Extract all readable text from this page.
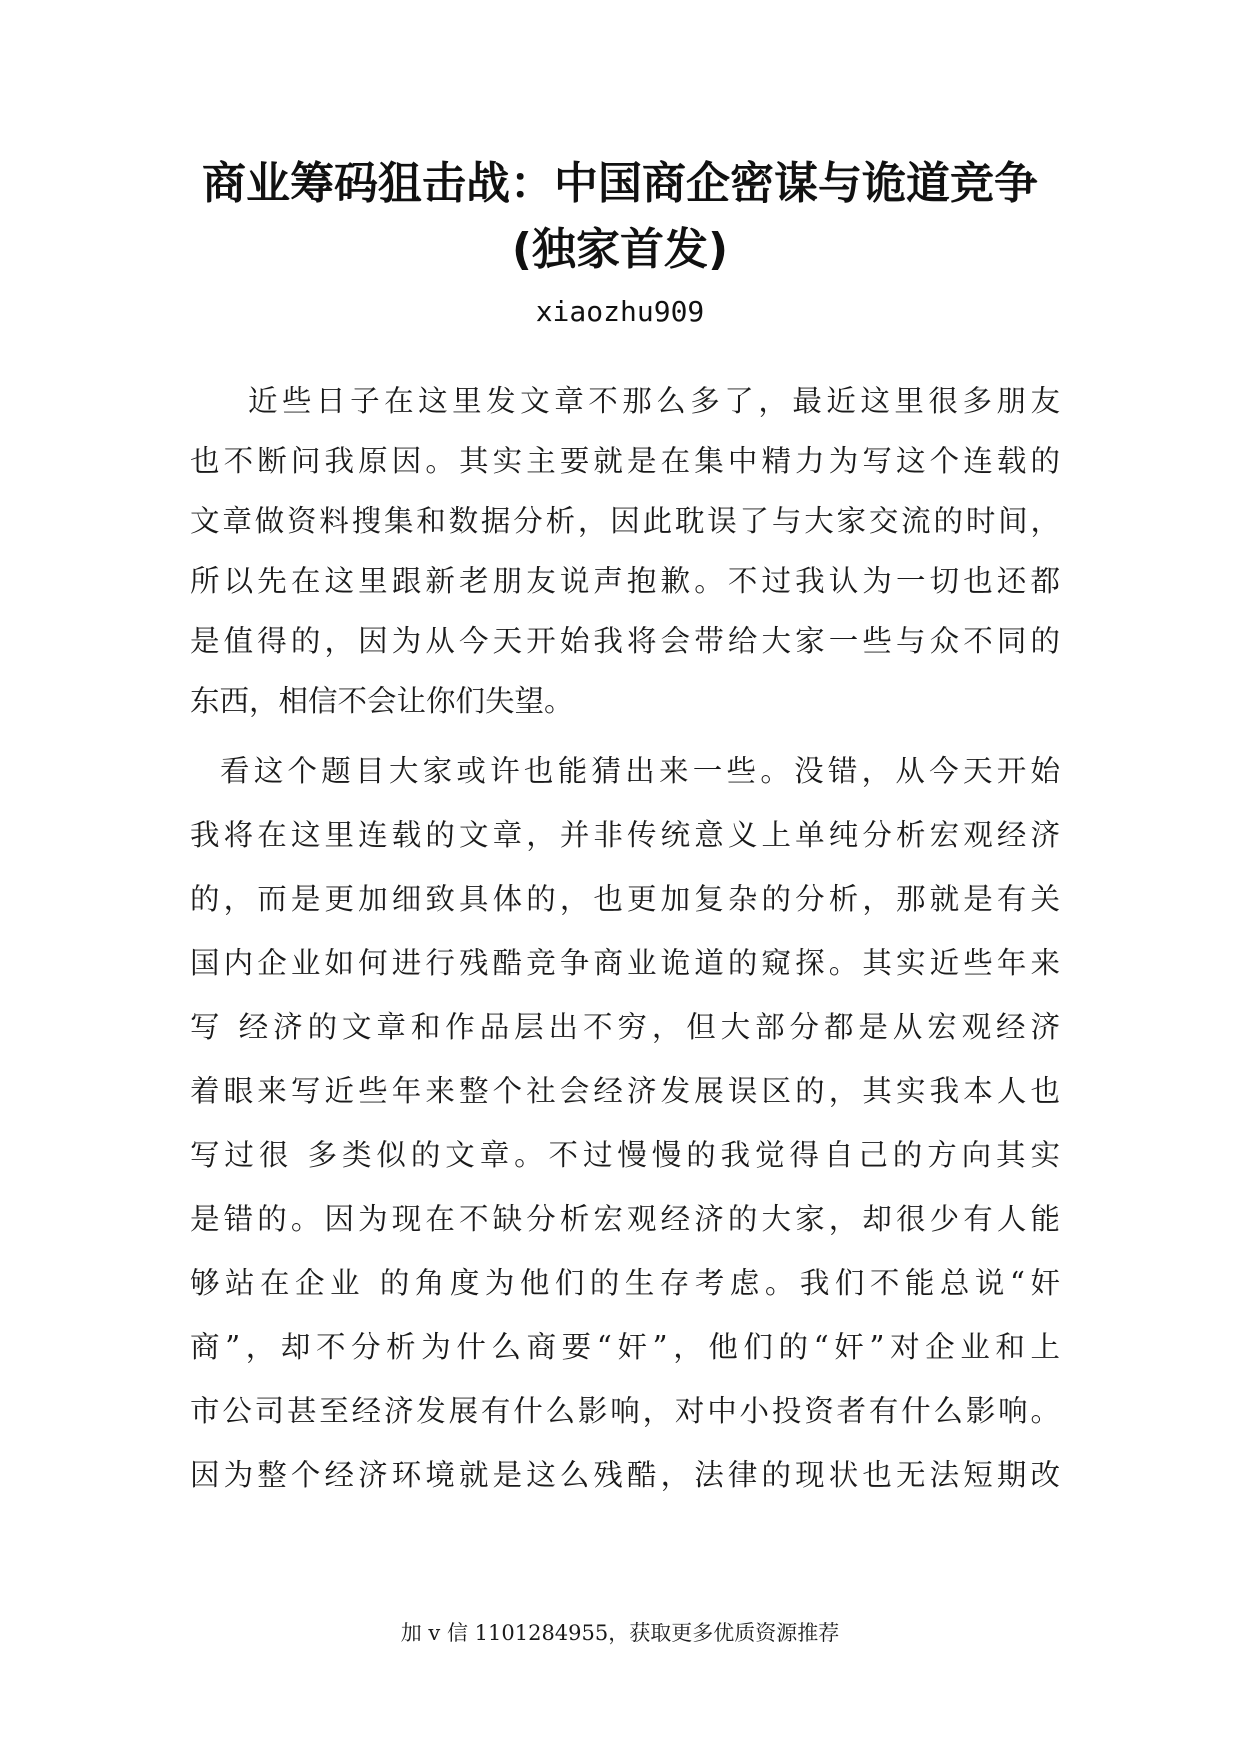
商业筹码狙击战：中国商企密谋与诡道竞争
(独家首发)
xiaozhu909
近些日子在这里发文章不那么多了，最近这里很多朋友
也不断问我原因。其实主要就是在集中精力为写这个连载的
文章做资料搜集和数据分析，因此耽误了与大家交流的时间，
所以先在这里跟新老朋友说声抱歉。不过我认为一切也还都
是值得的，因为从今天开始我将会带给大家一些与众不同的
东西，相信不会让你们失望。
看这个题目大家或许也能猜出来一些。没错，从今天开始
我将在这里连载的文章，并非传统意义上单纯分析宏观经济
的，而是更加细致具体的，也更加复杂的分析，那就是有关
国内企业如何进行残酷竞争商业诡道的窥探。其实近些年来
写 经济的文章和作品层出不穷，但大部分都是从宏观经济
着眼来写近些年来整个社会经济发展误区的，其实我本人也
写过很 多类似的文章。不过慢慢的我觉得自己的方向其实
是错的。因为现在不缺分析宏观经济的大家，却很少有人能
够站在企业 的角度为他们的生存考虑。我们不能总说“奸
商”，却不分析为什么商要“奸”，他们的“奸”对企业和上
市公司甚至经济发展有什么影响，对中小投资者有什么影响。
因为整个经济环境就是这么残酷，法律的现状也无法短期改
加 v 信 1101284955，获取更多优质资源推荐
